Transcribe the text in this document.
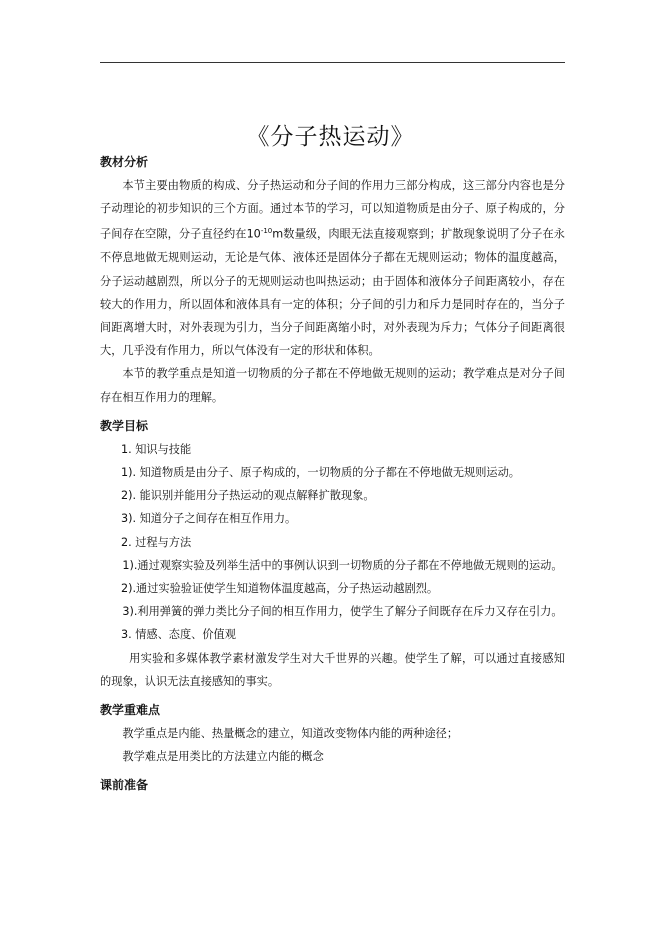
《分子热运动》
教材分析
本节主要由物质的构成、分子热运动和分子间的作用力三部分构成，这三部分内容也是分子动理论的初步知识的三个方面。通过本节的学习，可以知道物质是由分子、原子构成的，分子间存在空隙，分子直径约在$10^{-10}m$数量级，肉眼无法直接观察到；扩散现象说明了分子在永不停息地做无规则运动，无论是气体、液体还是固体分子都在无规则运动；物体的温度越高，分子运动越剧烈，所以分子的无规则运动也叫热运动；由于固体和液体分子间距离较小，存在较大的作用力，所以固体和液体具有一定的体积；分子间的引力和斥力是同时存在的，当分子间距离增大时，对外表现为引力，当分子间距离缩小时，对外表现为斥力；气体分子间距离很大，几乎没有作用力，所以气体没有一定的形状和体积。
本节的教学重点是知道一切物质的分子都在不停地做无规则的运动；教学难点是对分子间存在相互作用力的理解。
教学目标
1. 知识与技能
1). 知道物质是由分子、原子构成的，一切物质的分子都在不停地做无规则运动。
2). 能识别并能用分子热运动的观点解释扩散现象。
3). 知道分子之间存在相互作用力。
2. 过程与方法
1).通过观察实验及列举生活中的事例认识到一切物质的分子都在不停地做无规则的运动。
2).通过实验验证使学生知道物体温度越高，分子热运动越剧烈。
3).利用弹簧的弹力类比分子间的相互作用力，使学生了解分子间既存在斥力又存在引力。
3. 情感、态度、价值观
用实验和多媒体教学素材激发学生对大千世界的兴趣。使学生了解，可以通过直接感知的现象，认识无法直接感知的事实。
教学重难点
教学重点是内能、热量概念的建立，知道改变物体内能的两种途径；
教学难点是用类比的方法建立内能的概念
课前准备
